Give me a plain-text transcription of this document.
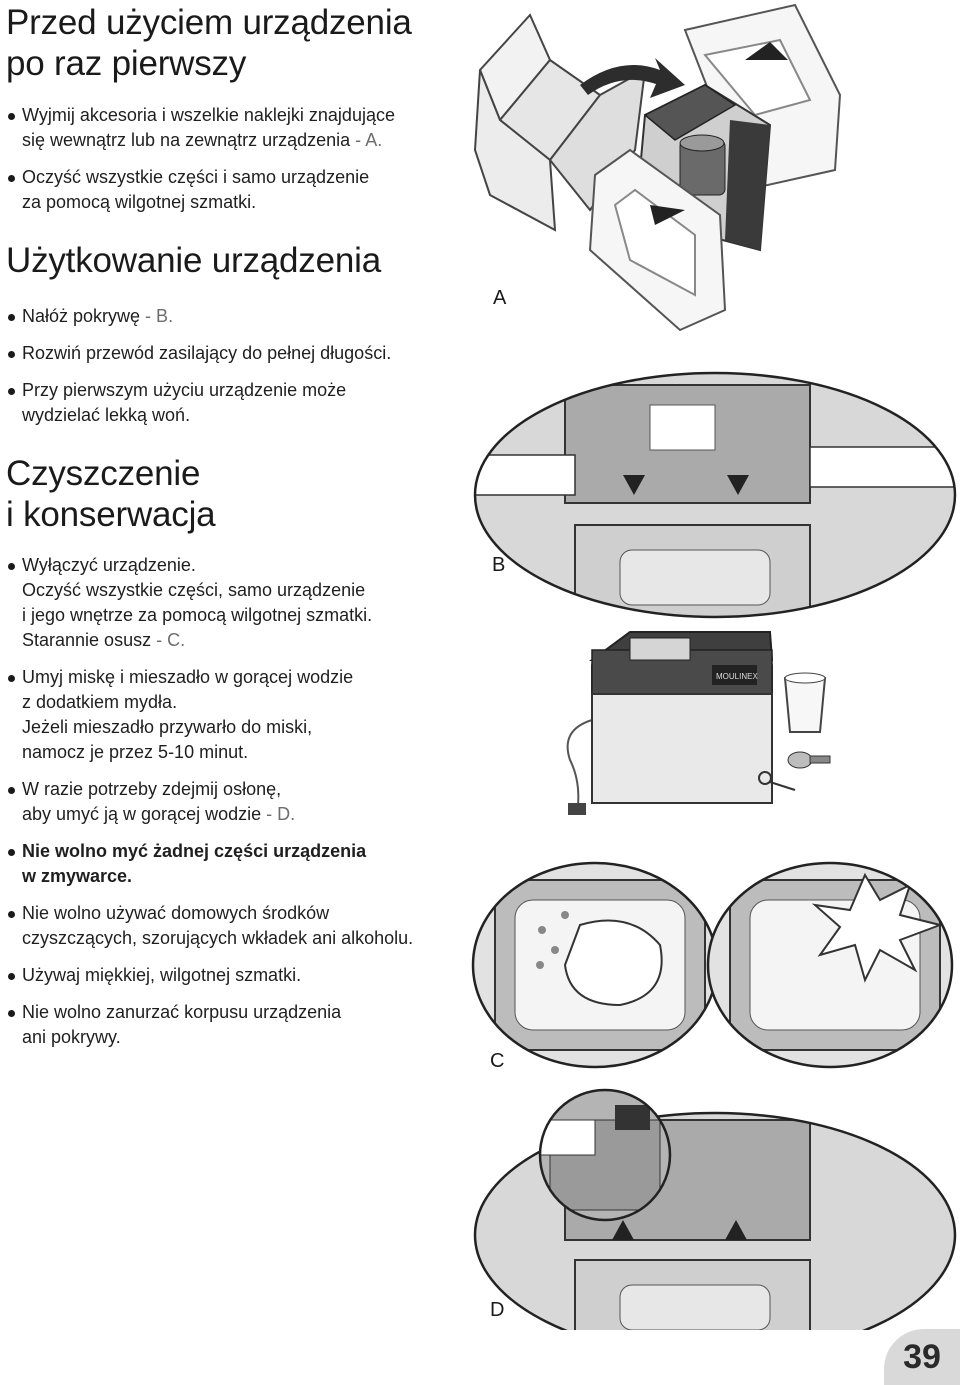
Przed użyciem urządzenia
po raz pierwszy
Wyjmij akcesoria i wszelkie naklejki znajdujące
się wewnątrz lub na zewnątrz urządzenia - A.
Oczyść wszystkie części i samo urządzenie
za pomocą wilgotnej szmatki.
Użytkowanie urządzenia
Nałóż pokrywę - B.
Rozwiń przewód zasilający do pełnej długości.
Przy pierwszym użyciu urządzenie może
wydzielać lekką woń.
Czyszczenie
i konserwacja
Wyłączyć urządzenie.
Oczyść wszystkie części, samo urządzenie
i jego wnętrze za pomocą wilgotnej szmatki.
Starannie osusz - C.
Umyj miskę i mieszadło w gorącej wodzie
z dodatkiem mydła.
Jeżeli mieszadło przywarło do miski,
namocz je przez 5-10 minut.
W razie potrzeby zdejmij osłonę,
aby umyć ją w gorącej wodzie - D.
Nie wolno myć żadnej części urządzenia
w zmywarce.
Nie wolno używać domowych środków
czyszczących, szorujących wkładek ani alkoholu.
Używaj miękkiej, wilgotnej szmatki.
Nie wolno zanurzać korpusu urządzenia
ani pokrywy.
A
B
MOULINEX
C
D
39
